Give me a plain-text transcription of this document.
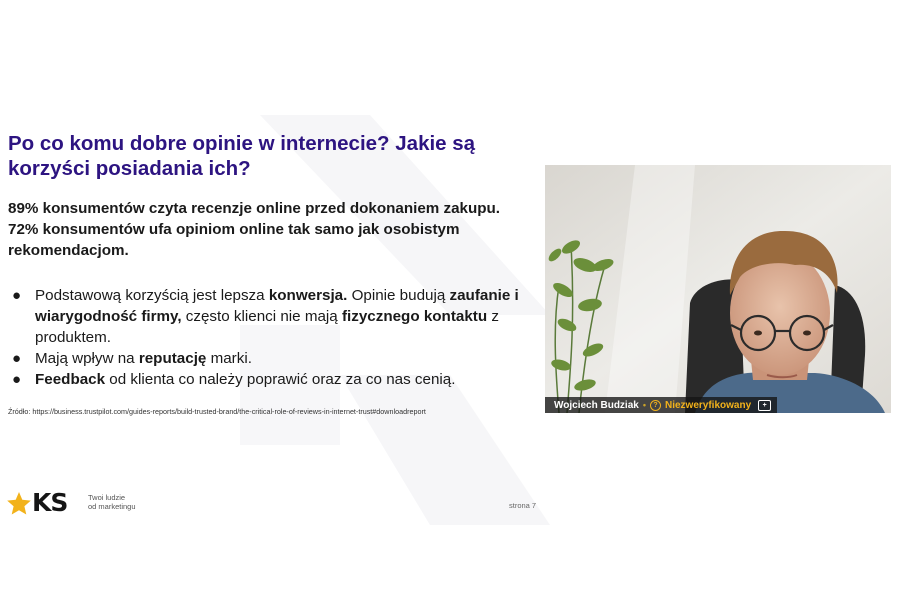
Po co komu dobre opinie w internecie? Jakie są korzyści posiadania ich?
89% konsumentów czyta recenzje online przed dokonaniem zakupu.
72% konsumentów ufa opiniom online tak samo jak osobistym rekomendacjom.
● Podstawową korzyścią jest lepsza konwersja. Opinie budują zaufanie i wiarygodność firmy, często klienci nie mają fizycznego kontaktu z produktem.
● Mają wpływ na reputację marki.
● Feedback od klienta co należy poprawić oraz za co nas cenią.
Źródło: https://business.trustpilot.com/guides-reports/build-trusted-brand/the-critical-role-of-reviews-in-internet-trust#downloadreport
KS	Twoi ludzie
od marketingu	strona 7
Wojciech Budziak •	? Niezweryfikowany	+
